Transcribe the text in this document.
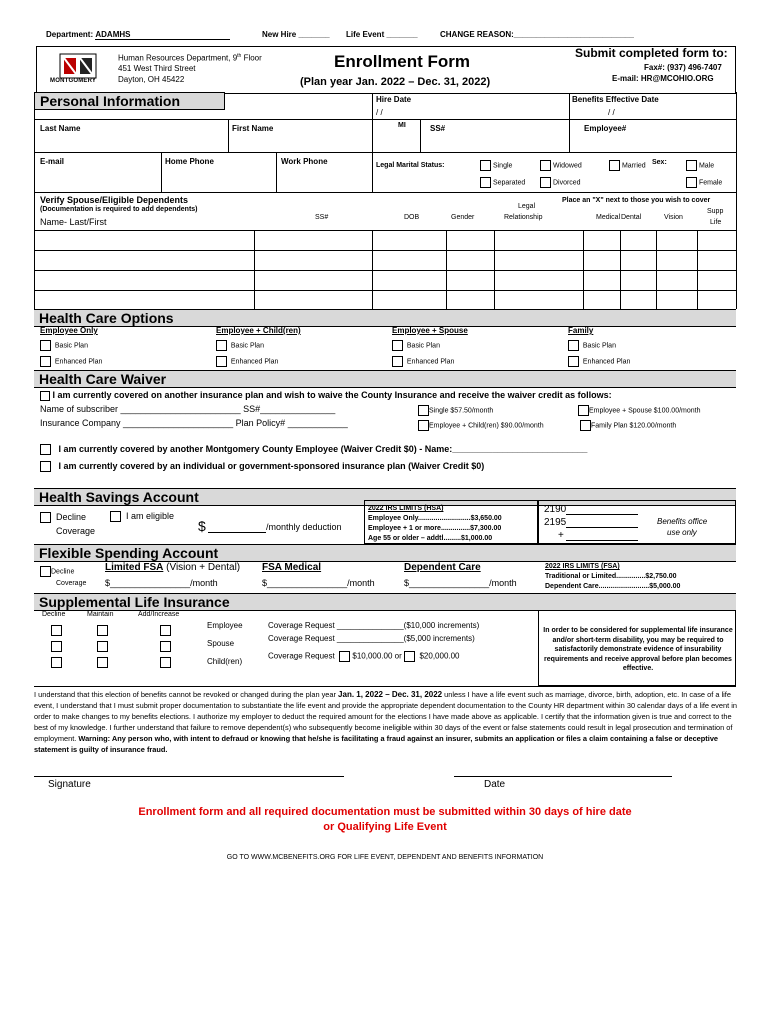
Department: ADAMHS	New Hire _______ Life Event _______	CHANGE REASON:___________________________
MONTGOMERY
Human Resources Department, 9th Floor
451 West Third Street
Dayton, OH 45422
Enrollment Form
(Plan year Jan. 2022 – Dec. 31, 2022)
Submit completed form to:
Fax#: (937) 496-7407
E-mail: HR@MCOHIO.ORG
Personal Information	Hire Date
/ /
Benefits Effective Date
/ /
Last Name	First Name	MI	SS#	Employee#
E-mail	Home Phone	Work Phone	Legal Marital Status:	Single	Widowed	Married Sex:	Male
Separated	Divorced	Female
Verify Spouse/Eligible Dependents
(Documentation is required to add dependents)
Name- Last/First	SS#	DOB	Gender
Legal
Relationship
Place an "X" next to those you wish to cover
Medical Dental	Vision
Supp
Life
Health Care Options
Employee Only	Employee + Child(ren)	Employee + Spouse	Family
Basic Plan	Basic Plan	Basic Plan	Basic Plan
Enhanced Plan	Enhanced Plan	Enhanced Plan	Enhanced Plan
Health Care Waiver
I am currently covered on another insurance plan and wish to waive the County Insurance and receive the waiver credit as follows:
Name of subscriber ________________________ SS#_______________
Insurance Company ______________________ Plan Policy# ____________
Single $57.50/month	Employee + Spouse $100.00/month
Employee + Child(ren) $90.00/month	Family Plan $120.00/month
I am currently covered by another Montgomery County Employee (Waiver Credit $0) - Name:___________________________
I am currently covered by an individual or government-sponsored insurance plan (Waiver Credit $0)
Health Savings Account
Decline
Coverage
I am eligible
$	/monthly deduction
2022 IRS LIMITS (HSA)
Employee Only...........................$3,650.00
Employee + 1 or more...............$7,300.00
Age 55 or older – addtl.........$1,000.00
2190
2195
+
Benefits office
use only
Flexible Spending Account
Decline
Coverage
Limited FSA (Vision + Dental)
$________________/month
FSA Medical
$________________/month
Dependent Care
$________________/month
2022 IRS LIMITS (FSA)
Traditional or Limited...............$2,750.00
Dependent Care..........................$5,000.00
Supplemental Life Insurance
Decline	Maintain	Add/Increase
Employee
Spouse
Child(ren)
Coverage Request _______________($10,000 increments)
Coverage Request _______________($5,000 increments)
Coverage Request $10,000.00 or $20,000.00
In order to be considered for supplemental life insurance and/or short-term disability, you may be required to satisfactorily demonstrate evidence of insurability requirements and receive approval before plan becomes effective.
I understand that this election of benefits cannot be revoked or changed during the plan year Jan. 1, 2022 – Dec. 31, 2022 unless I have a life event such as marriage, divorce, birth, adoption, etc. In case of a life event, I understand that I must submit proper documentation to substantiate the life event and provide the appropriate dependent documentation to the County HR department within 30 calendar days of a life event in order to make changes to my benefits elections. I authorize my employer to deduct the required amount for the elections I have made above as applicable. I certify that the information given is true and correct to the best of my knowledge. I further understand that failure to remove dependent(s) who subsequently become ineligible within 30 days of the event or false statements could result in legal prosecution and termination of employment. Warning: Any person who, with intent to defraud or knowing that he/she is facilitating a fraud against an insurer, submits an application or files a claim containing a false or deceptive statement is guilty of insurance fraud.
Signature	Date
Enrollment form and all required documentation must be submitted within 30 days of hire date
or Qualifying Life Event
GO TO WWW.MCBENEFITS.ORG FOR LIFE EVENT, DEPENDENT AND BENEFITS INFORMATION
